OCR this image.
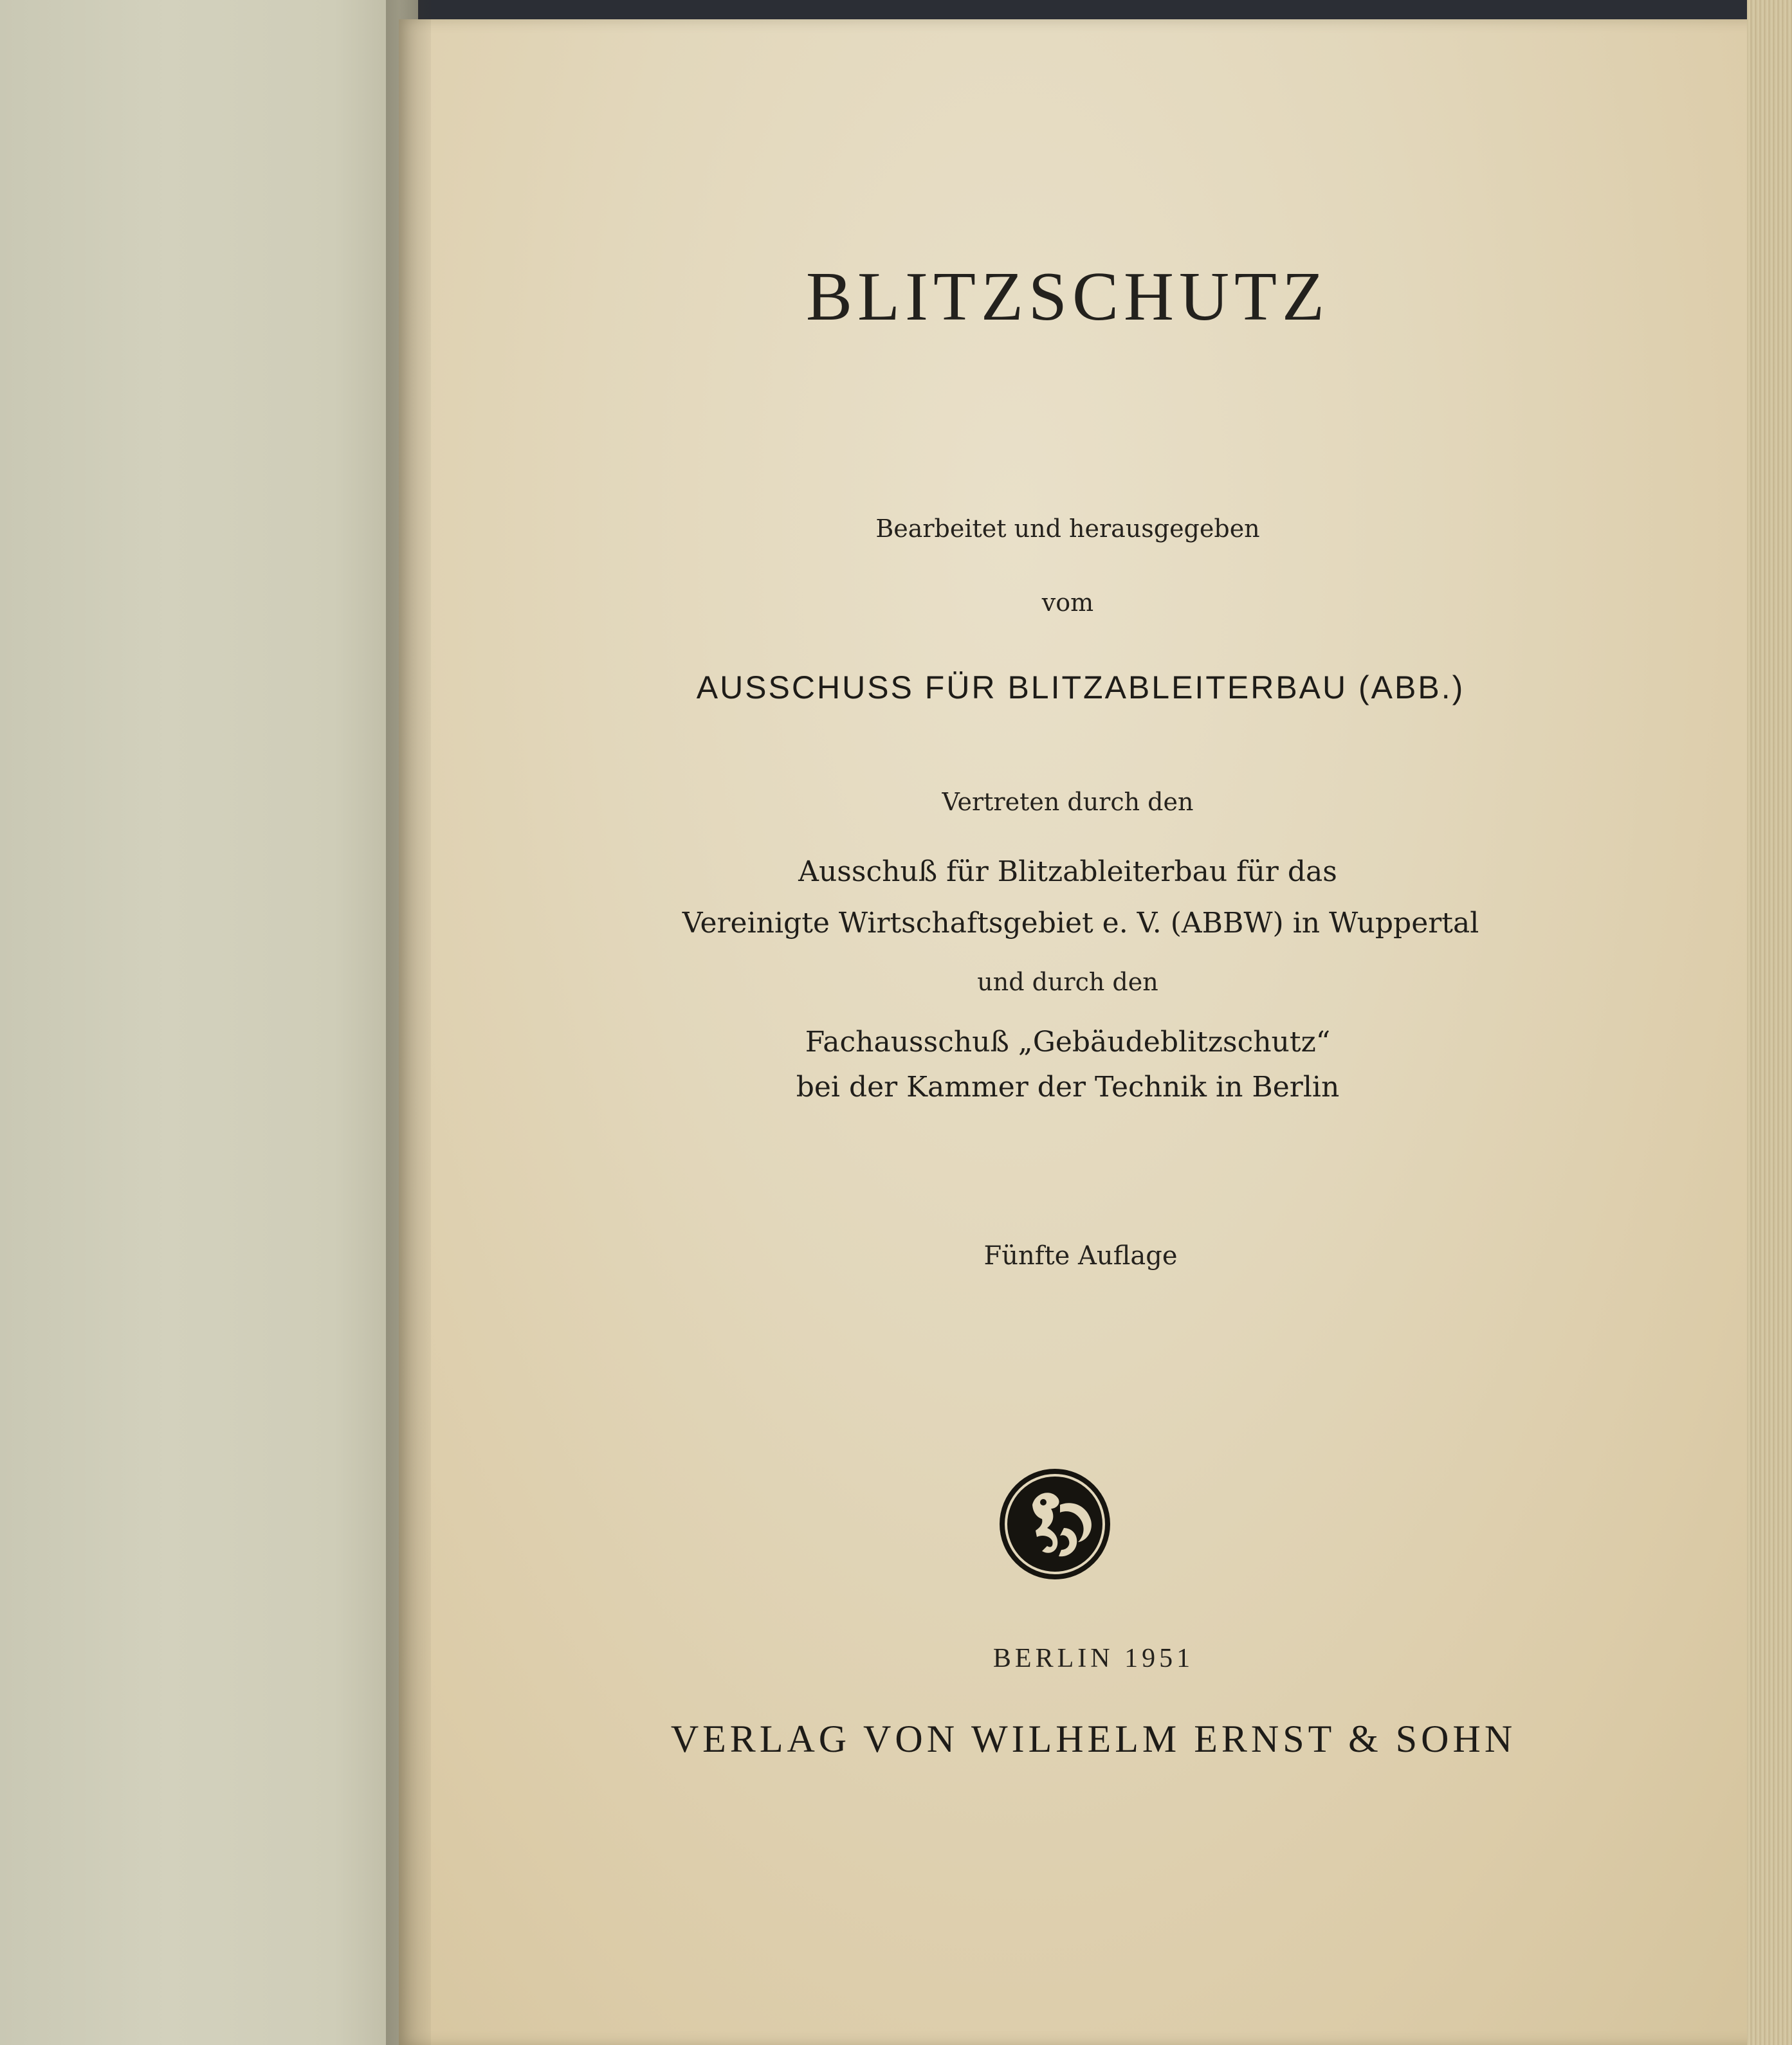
BLITZSCHUTZ
Bearbeitet und herausgegeben
vom
AUSSCHUSS FÜR BLITZABLEITERBAU (ABB.)
Vertreten durch den
Ausschuß für Blitzableiterbau für das
Vereinigte Wirtschaftsgebiet e. V. (ABBW) in Wuppertal
und durch den
Fachausschuß „Gebäudeblitzschutz“
bei der Kammer der Technik in Berlin
Fünfte Auflage
BERLIN 1951
VERLAG VON WILHELM ERNST & SOHN
